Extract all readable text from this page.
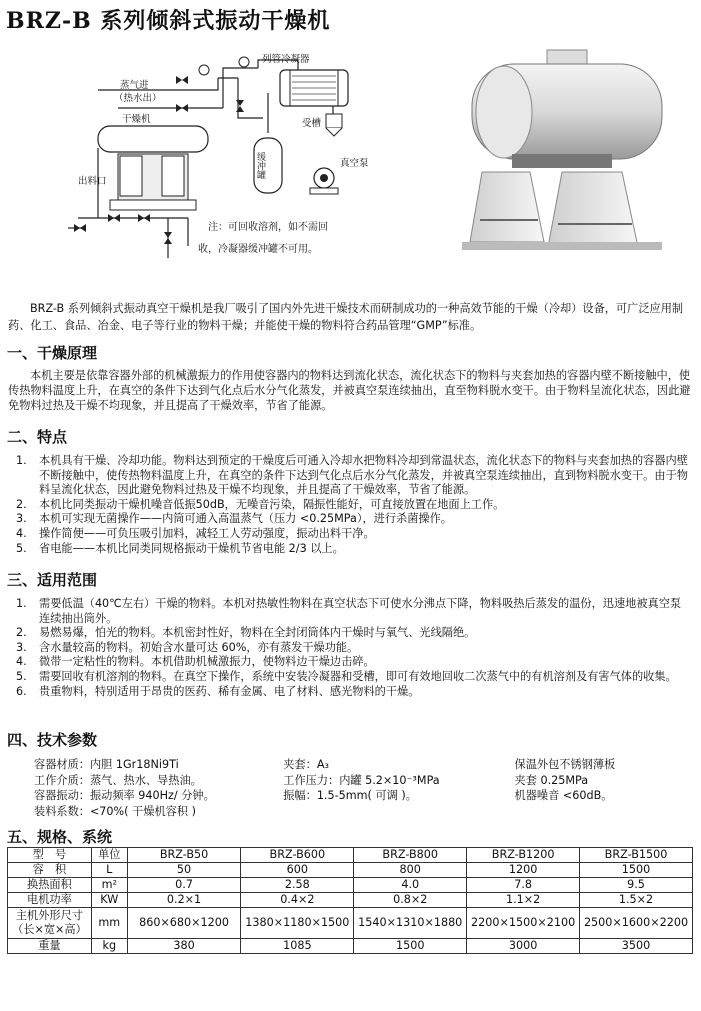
BRZ-B 系列倾斜式振动干燥机
列管冷凝器
蒸气进
（热水出）
干燥机
出料口
缓冲罐
受槽
真空泵
注：可回收溶剂，如不需回
收，冷凝器缓冲罐不可用。
BRZ-B 系列倾斜式振动真空干燥机是我厂吸引了国内外先进干燥技术而研制成功的一种高效节能的干燥（冷却）设备，可广泛应用制药、化工、食品、冶金、电子等行业的物料干燥；并能使干燥的物料符合药品管理“GMP”标准。
一、干燥原理
本机主要是依靠容器外部的机械激振力的作用使容器内的物料达到流化状态，流化状态下的物料与夹套加热的容器内壁不断接触中，使传热物料温度上升，在真空的条件下达到气化点后水分气化蒸发，并被真空泵连续抽出，直至物料脱水变干。由于物料呈流化状态，因此避免物料过热及干燥不均现象，并且提高了干燥效率，节省了能源。
二、特点
1. 本机具有干燥、冷却功能。物料达到预定的干燥度后可通入冷却水把物料冷却到常温状态，流化状态下的物料与夹套加热的容器内壁不断接触中，使传热物料温度上升，在真空的条件下达到气化点后水分气化蒸发，并被真空泵连续抽出，直到物料脱水变干。由于物料呈流化状态，因此避免物料过热及干燥不均现象，并且提高了干燥效率，节省了能源。
2. 本机比同类振动干燥机噪音低振50dB，无噪音污染，隔振性能好，可直接放置在地面上工作。
3. 本机可实现无菌操作——内筒可通入高温蒸气（压力 <0.25MPa），进行杀菌操作。
4. 操作简便——可负压吸引加料，减轻工人劳动强度，振动出料干净。
5. 省电能——本机比同类同规格振动干燥机节省电能 2/3 以上。
三、适用范围
1. 需要低温（40℃左右）干燥的物料。本机对热敏性物料在真空状态下可使水分沸点下降，物料吸热后蒸发的温份，迅速地被真空泵连续抽出筒外。
2. 易燃易爆，怕光的物料。本机密封性好，物料在全封闭筒体内干燥时与氧气、光线隔绝。
3. 含水量较高的物料。初始含水量可达 60%，亦有蒸发干燥功能。
4. 微带一定粘性的物料。本机借助机械激振力，使物料边干燥边击碎。
5. 需要回收有机溶剂的物料。在真空下操作，系统中安装冷凝器和受槽，即可有效地回收二次蒸气中的有机溶剂及有害气体的收集。
6. 贵重物料，特别适用于昂贵的医药、稀有金属、电了材料、感光物料的干燥。
四、技术参数
容器材质：内胆 1Gr18Ni9Ti	夹套：A₃	保温外包不锈钢薄板
工作介质：蒸气、热水、导热油。	工作压力：内罐 5.2×10⁻³MPa	夹套 0.25MPa
容器振动：振动频率 940Hz/ 分钟。	振幅：1.5-5mm( 可调 )。	机器噪音 <60dB。
装料系数：<70%( 干燥机容积 )
五、规格、系统
型　号	单位	BRZ-B50	BRZ-B600	BRZ-B800	BRZ-B1200	BRZ-B1500
容　积	L	50	600	800	1200	1500
换热面积	m²	0.7	2.58	4.0	7.8	9.5
电机功率	KW	0.2×1	0.4×2	0.8×2	1.1×2	1.5×2
主机外形尺寸
（长×宽×高）	mm	860×680×1200	1380×1180×1500	1540×1310×1880	2200×1500×2100	2500×1600×2200
重量	kg	380	1085	1500	3000	3500
